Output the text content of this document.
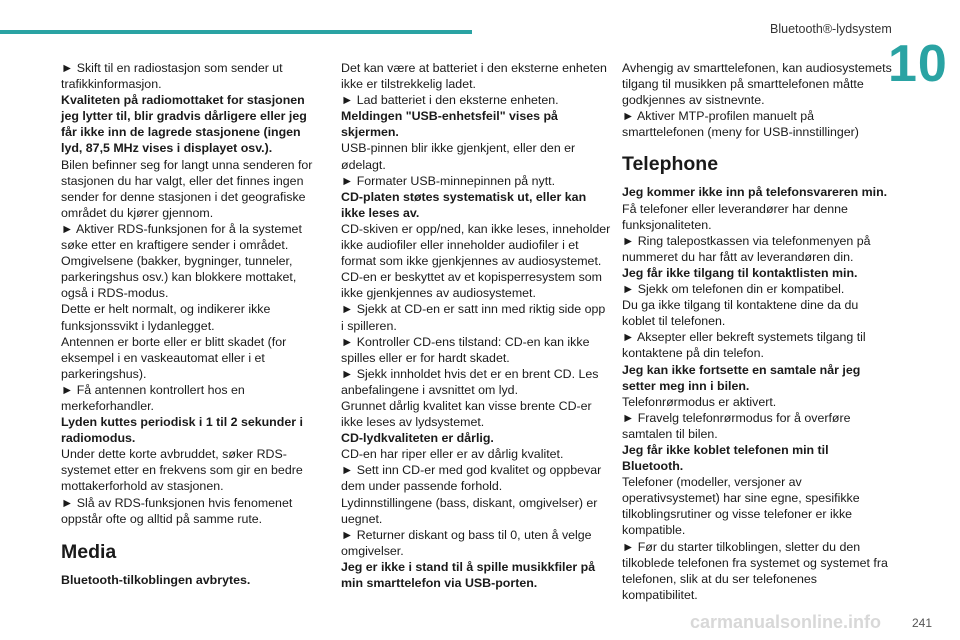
Bluetooth®-lydsystem
10

► Skift til en radiostasjon som sender ut trafikkinformasjon.

Kvaliteten på radiomottaket for stasjonen jeg lytter til, blir gradvis dårligere eller jeg får ikke inn de lagrede stasjonene (ingen lyd, 87,5 MHz vises i displayet osv.).

Bilen befinner seg for langt unna senderen for stasjonen du har valgt, eller det finnes ingen sender for denne stasjonen i det geografiske området du kjører gjennom.

► Aktiver RDS-funksjonen for å la systemet søke etter en kraftigere sender i området.

Omgivelsene (bakker, bygninger, tunneler, parkeringshus osv.) kan blokkere mottaket, også i RDS-modus.

Dette er helt normalt, og indikerer ikke funksjonssvikt i lydanlegget.

Antennen er borte eller er blitt skadet (for eksempel i en vaskeautomat eller i et parkeringshus).

► Få antennen kontrollert hos en merkeforhandler.

Lyden kuttes periodisk i 1 til 2 sekunder i radiomodus.

Under dette korte avbruddet, søker RDS-systemet etter en frekvens som gir en bedre mottakerforhold av stasjonen.

► Slå av RDS-funksjonen hvis fenomenet oppstår ofte og alltid på samme rute.

Media

Bluetooth-tilkoblingen avbrytes.

Det kan være at batteriet i den eksterne enheten ikke er tilstrekkelig ladet.

► Lad batteriet i den eksterne enheten.

Meldingen "USB-enhetsfeil" vises på skjermen.

USB-pinnen blir ikke gjenkjent, eller den er ødelagt.

► Formater USB-minnepinnen på nytt.

CD-platen støtes systematisk ut, eller kan ikke leses av.

CD-skiven er opp/ned, kan ikke leses, inneholder ikke audiofiler eller inneholder audiofiler i et format som ikke gjenkjennes av audiosystemet.

CD-en er beskyttet av et kopisperresystem som ikke gjenkjennes av audiosystemet.

► Sjekk at CD-en er satt inn med riktig side opp i spilleren.

► Kontroller CD-ens tilstand: CD-en kan ikke spilles eller er for hardt skadet.

► Sjekk innholdet hvis det er en brent CD. Les anbefalingene i avsnittet om lyd.

Grunnet dårlig kvalitet kan visse brente CD-er ikke leses av lydsystemet.

CD-lydkvaliteten er dårlig.

CD-en har riper eller er av dårlig kvalitet.

► Sett inn CD-er med god kvalitet og oppbevar dem under passende forhold.

Lydinnstillingene (bass, diskant, omgivelser) er uegnet.

► Returner diskant og bass til 0, uten å velge omgivelser.

Jeg er ikke i stand til å spille musikkfiler på min smarttelefon via USB-porten.

Avhengig av smarttelefonen, kan audiosystemets tilgang til musikken på smarttelefonen måtte godkjennes av sistnevnte.

► Aktiver MTP-profilen manuelt på smarttelefonen (meny for USB-innstillinger)

Telephone

Jeg kommer ikke inn på telefonsvareren min.

Få telefoner eller leverandører har denne funksjonaliteten.

► Ring talepostkassen via telefonmenyen på nummeret du har fått av leverandøren din.

Jeg får ikke tilgang til kontaktlisten min.

► Sjekk om telefonen din er kompatibel.

Du ga ikke tilgang til kontaktene dine da du koblet til telefonen.

► Aksepter eller bekreft systemets tilgang til kontaktene på din telefon.

Jeg kan ikke fortsette en samtale når jeg setter meg inn i bilen.

Telefonrørmodus er aktivert.

► Fravelg telefonrørmodus for å overføre samtalen til bilen.

Jeg får ikke koblet telefonen min til Bluetooth.

Telefoner (modeller, versjoner av operativsystemet) har sine egne, spesifikke tilkoblingsrutiner og visse telefoner er ikke kompatible.

► Før du starter tilkoblingen, sletter du den tilkoblede telefonen fra systemet og systemet fra telefonen, slik at du ser telefonenes kompatibilitet.

carmanualsonline.info	241
